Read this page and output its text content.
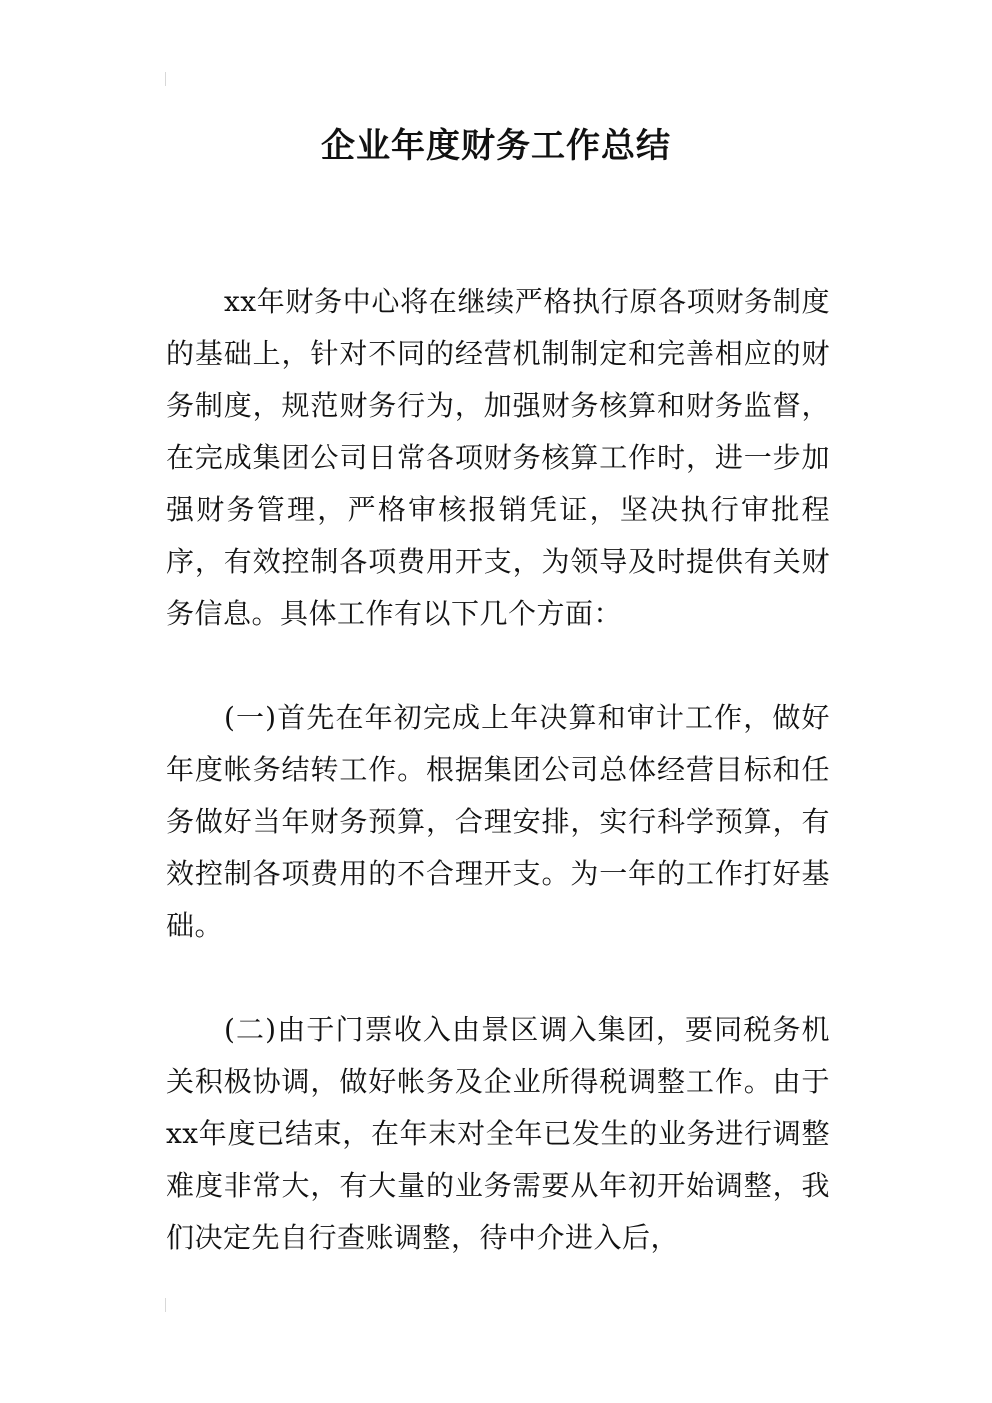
企业年度财务工作总结

xx年财务中心将在继续严格执行原各项财务制度的基础上，针对不同的经营机制制定和完善相应的财务制度，规范财务行为，加强财务核算和财务监督，在完成集团公司日常各项财务核算工作时，进一步加强财务管理，严格审核报销凭证，坚决执行审批程序，有效控制各项费用开支，为领导及时提供有关财务信息。具体工作有以下几个方面：

(一)首先在年初完成上年决算和审计工作，做好年度帐务结转工作。根据集团公司总体经营目标和任务做好当年财务预算，合理安排，实行科学预算，有效控制各项费用的不合理开支。为一年的工作打好基础。

(二)由于门票收入由景区调入集团，要同税务机关积极协调，做好帐务及企业所得税调整工作。由于xx年度已结束，在年末对全年已发生的业务进行调整难度非常大，有大量的业务需要从年初开始调整，我们决定先自行查账调整，待中介进入后，
